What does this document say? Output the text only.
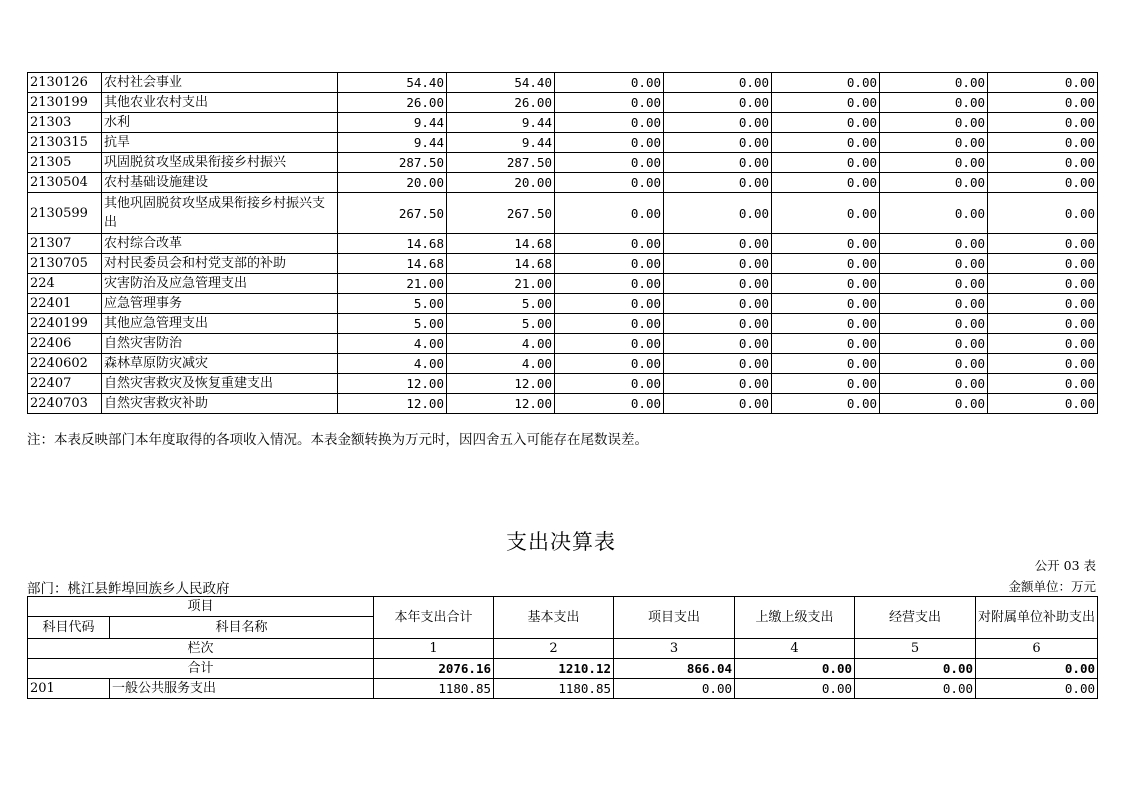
2130126	农村社会事业	54.40	54.40	0.00	0.00	0.00	0.00	0.00
2130199	其他农业农村支出	26.00	26.00	0.00	0.00	0.00	0.00	0.00
21303	水利	9.44	9.44	0.00	0.00	0.00	0.00	0.00
2130315	抗旱	9.44	9.44	0.00	0.00	0.00	0.00	0.00
21305	巩固脱贫攻坚成果衔接乡村振兴	287.50	287.50	0.00	0.00	0.00	0.00	0.00
2130504	农村基础设施建设	20.00	20.00	0.00	0.00	0.00	0.00	0.00
2130599	其他巩固脱贫攻坚成果衔接乡村振兴支出	267.50	267.50	0.00	0.00	0.00	0.00	0.00
21307	农村综合改革	14.68	14.68	0.00	0.00	0.00	0.00	0.00
2130705	对村民委员会和村党支部的补助	14.68	14.68	0.00	0.00	0.00	0.00	0.00
224	灾害防治及应急管理支出	21.00	21.00	0.00	0.00	0.00	0.00	0.00
22401	应急管理事务	5.00	5.00	0.00	0.00	0.00	0.00	0.00
2240199	其他应急管理支出	5.00	5.00	0.00	0.00	0.00	0.00	0.00
22406	自然灾害防治	4.00	4.00	0.00	0.00	0.00	0.00	0.00
2240602	森林草原防灾减灾	4.00	4.00	0.00	0.00	0.00	0.00	0.00
22407	自然灾害救灾及恢复重建支出	12.00	12.00	0.00	0.00	0.00	0.00	0.00
2240703	自然灾害救灾补助	12.00	12.00	0.00	0.00	0.00	0.00	0.00
注：本表反映部门本年度取得的各项收入情况。本表金额转换为万元时，因四舍五入可能存在尾数误差。
支出决算表
公开 03 表
部门：桃江县鲊埠回族乡人民政府	金额单位：万元
项目		本年支出合计	基本支出	项目支出	上缴上级支出	经营支出	对附属单位补助支出
科目代码	科目名称						
栏次		1	2	3	4	5	6
合计		2076.16	1210.12	866.04	0.00	0.00	0.00
201	一般公共服务支出	1180.85	1180.85	0.00	0.00	0.00	0.00
